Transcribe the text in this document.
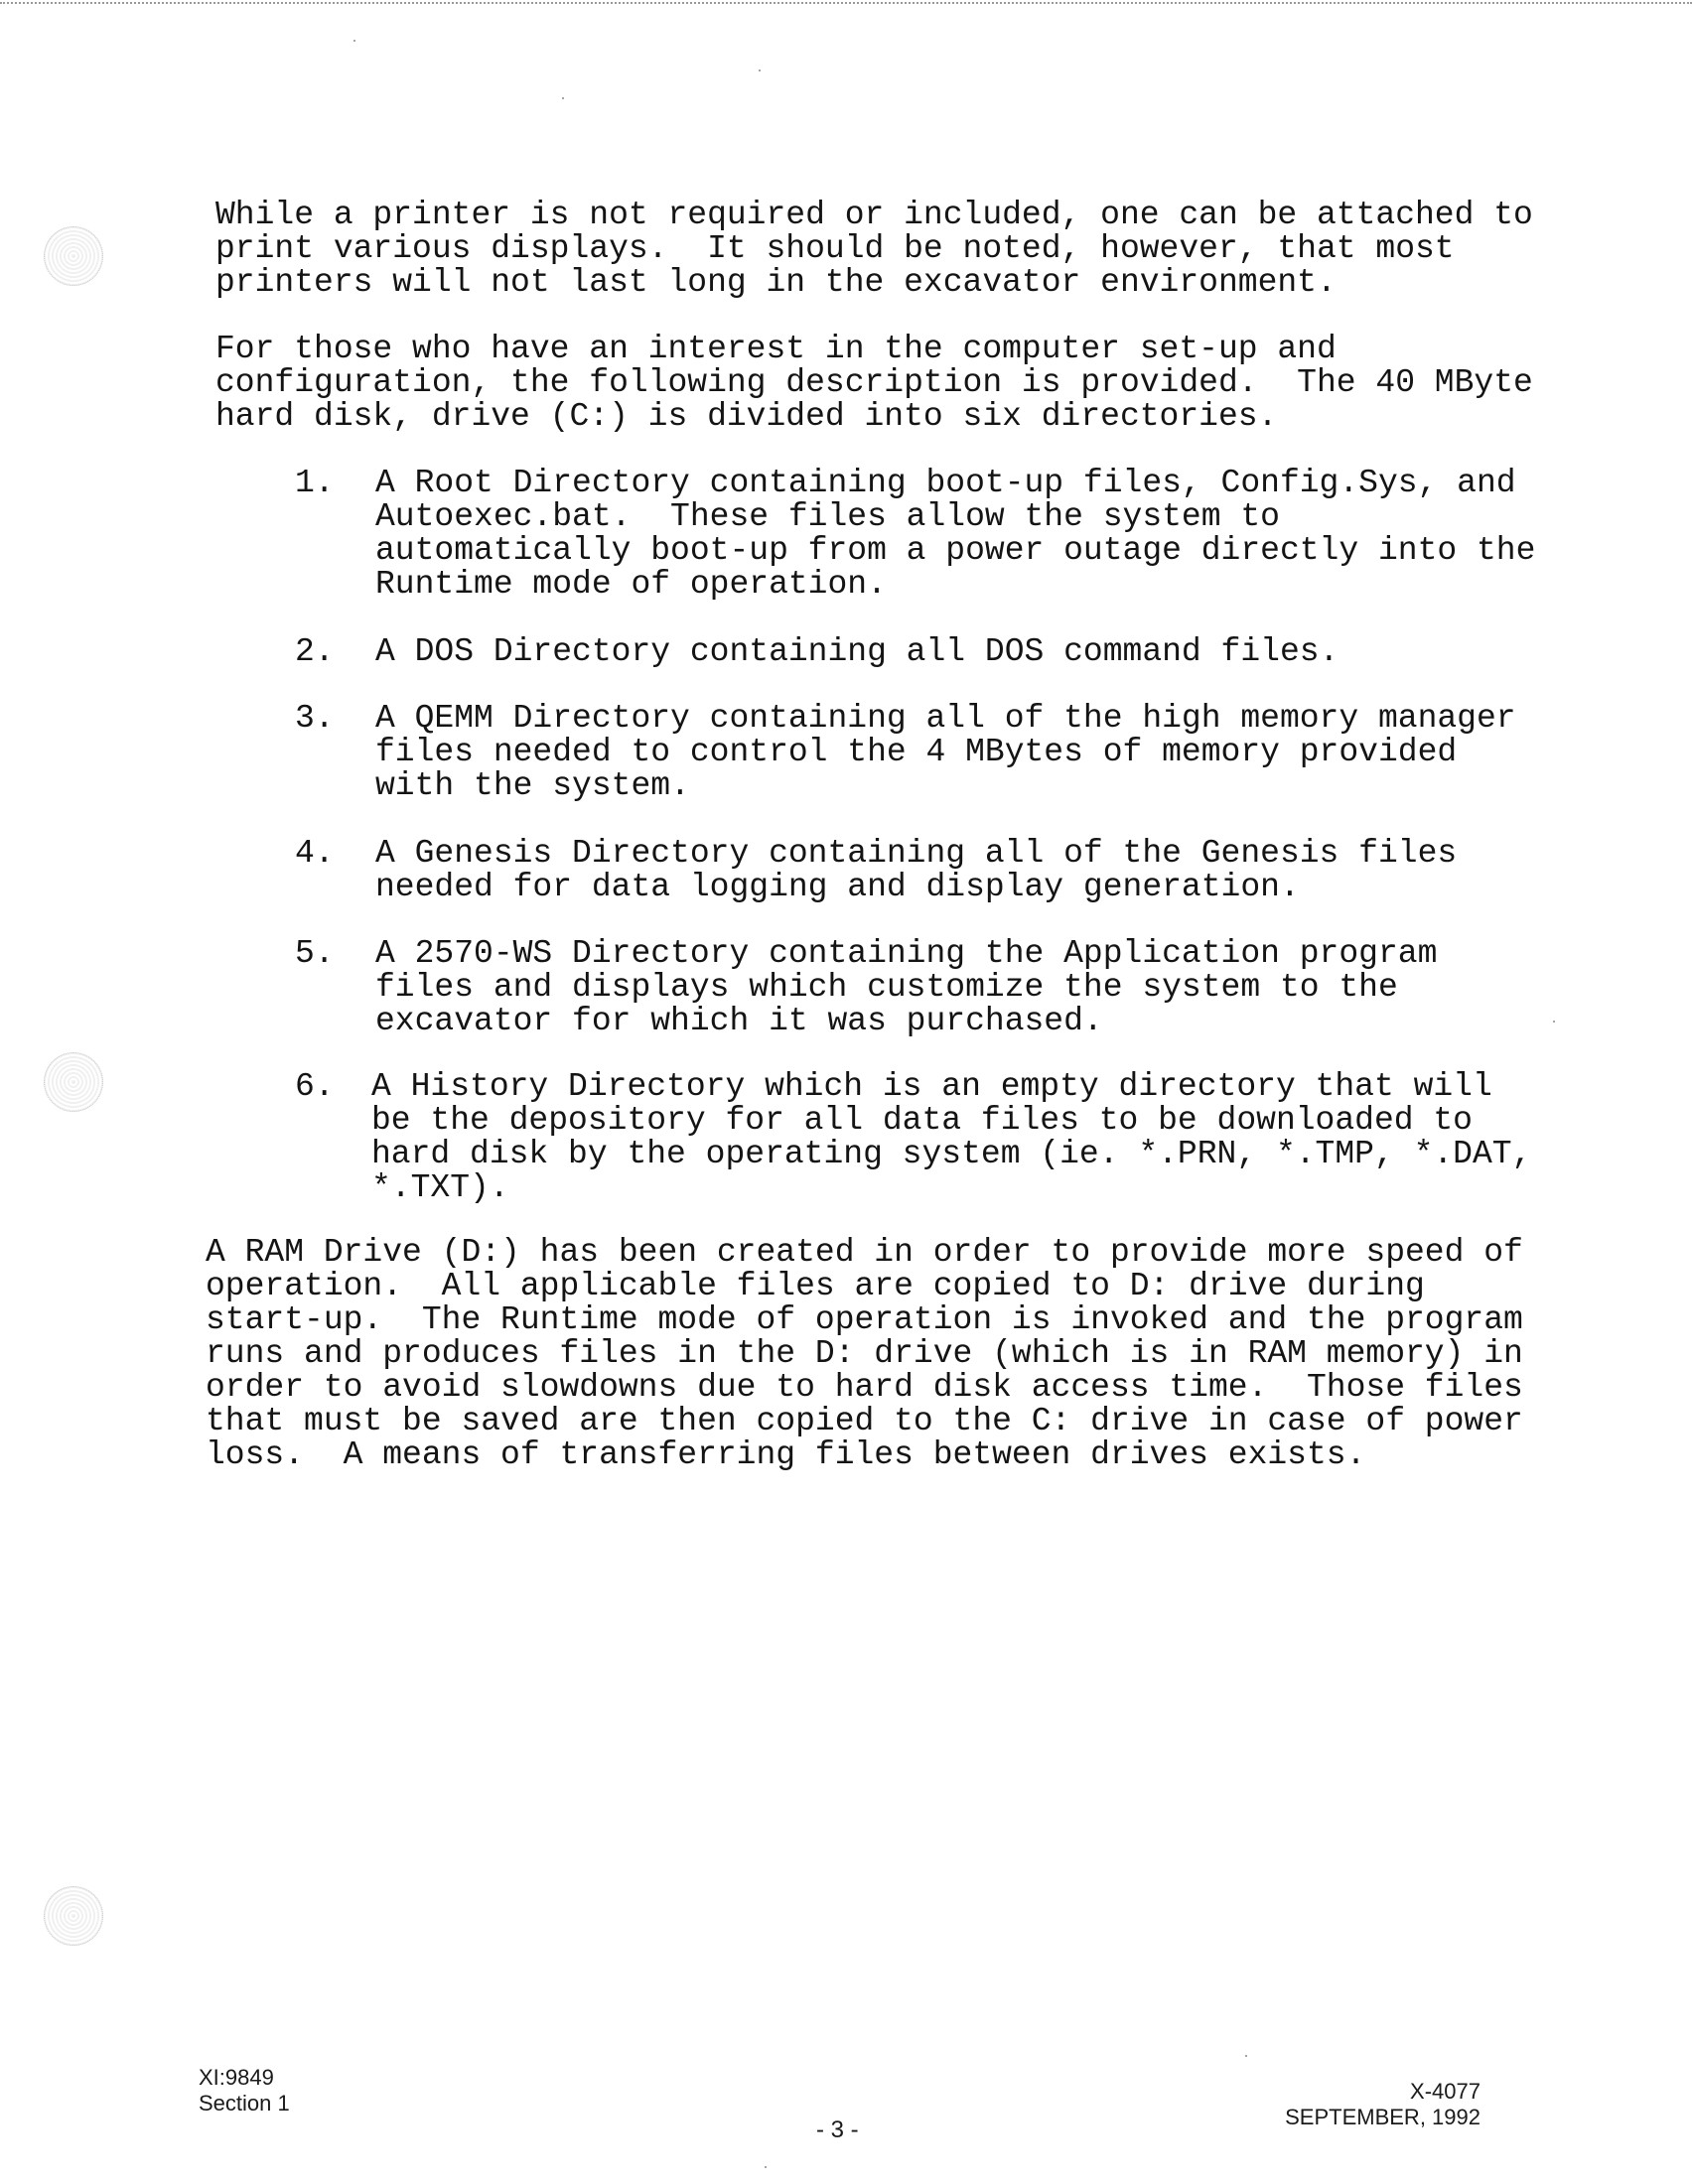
While a printer is not required or included, one can be attached to
print various displays.  It should be noted, however, that most
printers will not last long in the excavator environment.
For those who have an interest in the computer set-up and
configuration, the following description is provided.  The 40 MByte
hard disk, drive (C:) is divided into six directories.
1. A Root Directory containing boot-up files, Config.Sys, and
Autoexec.bat.  These files allow the system to
automatically boot-up from a power outage directly into the
Runtime mode of operation.
2. A DOS Directory containing all DOS command files.
3. A QEMM Directory containing all of the high memory manager
files needed to control the 4 MBytes of memory provided
with the system.
4. A Genesis Directory containing all of the Genesis files
needed for data logging and display generation.
5. A 2570-WS Directory containing the Application program
files and displays which customize the system to the
excavator for which it was purchased.
6. A History Directory which is an empty directory that will
be the depository for all data files to be downloaded to
hard disk by the operating system (ie. *.PRN, *.TMP, *.DAT,
*.TXT).
A RAM Drive (D:) has been created in order to provide more speed of
operation.  All applicable files are copied to D: drive during
start-up.  The Runtime mode of operation is invoked and the program
runs and produces files in the D: drive (which is in RAM memory) in
order to avoid slowdowns due to hard disk access time.  Those files
that must be saved are then copied to the C: drive in case of power
loss.  A means of transferring files between drives exists.
XI:9849
Section 1	X-4077
SEPTEMBER, 1992
- 3 -
